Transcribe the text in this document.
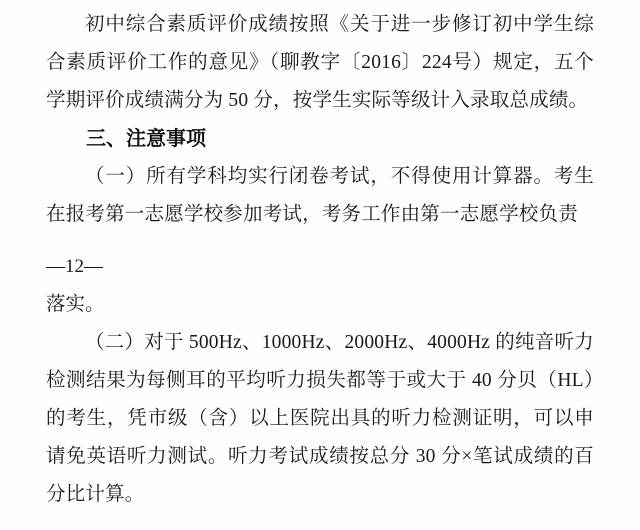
初中综合素质评价成绩按照《关于进一步修订初中学生综合素质评价工作的意见》（聊教字〔2016〕224号）规定，五个学期评价成绩满分为 50 分，按学生实际等级计入录取总成绩。

三、注意事项

（一）所有学科均实行闭卷考试，不得使用计算器。考生在报考第一志愿学校参加考试，考务工作由第一志愿学校负责

—12—

落实。

（二）对于 500Hz、1000Hz、2000Hz、4000Hz 的纯音听力检测结果为每侧耳的平均听力损失都等于或大于 40 分贝（HL）的考生，凭市级（含）以上医院出具的听力检测证明，可以申请免英语听力测试。听力考试成绩按总分 30 分×笔试成绩的百分比计算。
